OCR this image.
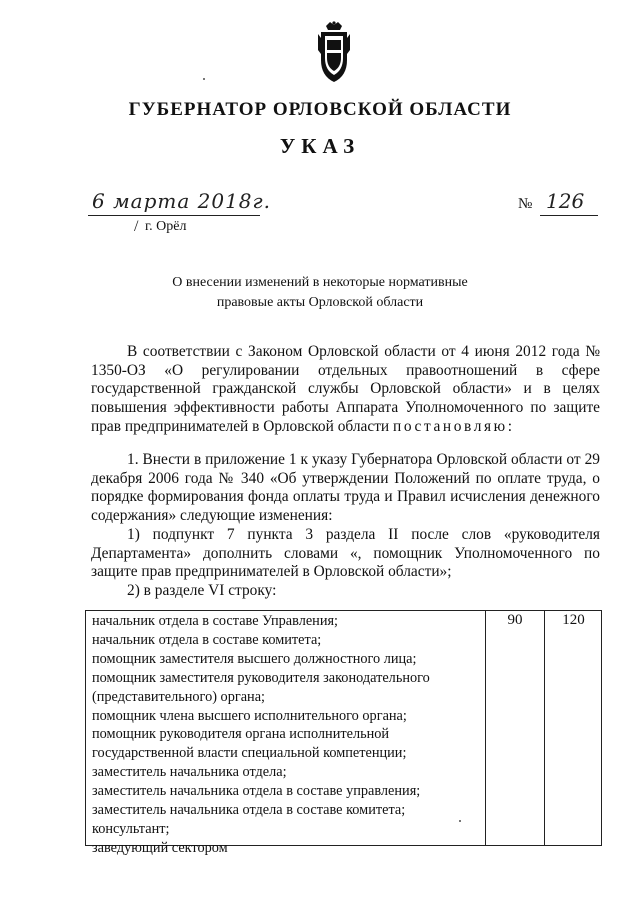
ГУБЕРНАТОР ОРЛОВСКОЙ ОБЛАСТИ
УКАЗ
6 марта 2018г.
/ г. Орёл
№ 126
О внесении изменений в некоторые нормативные
правовые акты Орловской области
В соответствии с Законом Орловской области от 4 июня 2012 года № 1350-ОЗ «О регулировании отдельных правоотношений в сфере государственной гражданской службы Орловской области» и в целях повышения эффективности работы Аппарата Уполномоченного по защите прав предпринимателей в Орловской области постановляю:
1. Внести в приложение 1 к указу Губернатора Орловской области от 29 декабря 2006 года № 340 «Об утверждении Положений по оплате труда, о порядке формирования фонда оплаты труда и Правил исчисления денежного содержания» следующие изменения:
1) подпункт 7 пункта 3 раздела II после слов «руководителя Департамента» дополнить словами «, помощник Уполномоченного по защите прав предпринимателей в Орловской области»;
2) в разделе VI строку:
начальник отдела в составе Управления;
начальник отдела в составе комитета;
помощник заместителя высшего должностного лица;
помощник заместителя руководителя законодательного
(представительного) органа;
помощник члена высшего исполнительного органа;
помощник руководителя органа исполнительной
государственной власти специальной компетенции;
заместитель начальника отдела;
заместитель начальника отдела в составе управления;
заместитель начальника отдела в составе комитета;
консультант;
заведующий сектором
90	120
